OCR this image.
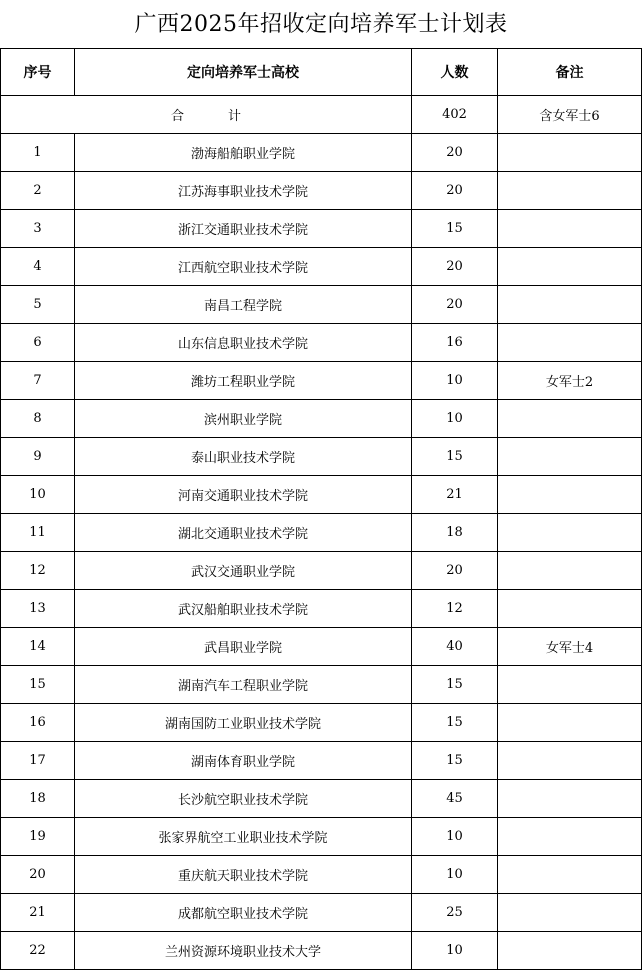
广西2025年招收定向培养军士计划表
序号	定向培养军士高校	人数	备注
合 计		402	含女军士6
1	渤海船舶职业学院	20	
2	江苏海事职业技术学院	20	
3	浙江交通职业技术学院	15	
4	江西航空职业技术学院	20	
5	南昌工程学院	20	
6	山东信息职业技术学院	16	
7	潍坊工程职业学院	10	女军士2
8	滨州职业学院	10	
9	泰山职业技术学院	15	
10	河南交通职业技术学院	21	
11	湖北交通职业技术学院	18	
12	武汉交通职业学院	20	
13	武汉船舶职业技术学院	12	
14	武昌职业学院	40	女军士4
15	湖南汽车工程职业学院	15	
16	湖南国防工业职业技术学院	15	
17	湖南体育职业学院	15	
18	长沙航空职业技术学院	45	
19	张家界航空工业职业技术学院	10	
20	重庆航天职业技术学院	10	
21	成都航空职业技术学院	25	
22	兰州资源环境职业技术大学	10	
